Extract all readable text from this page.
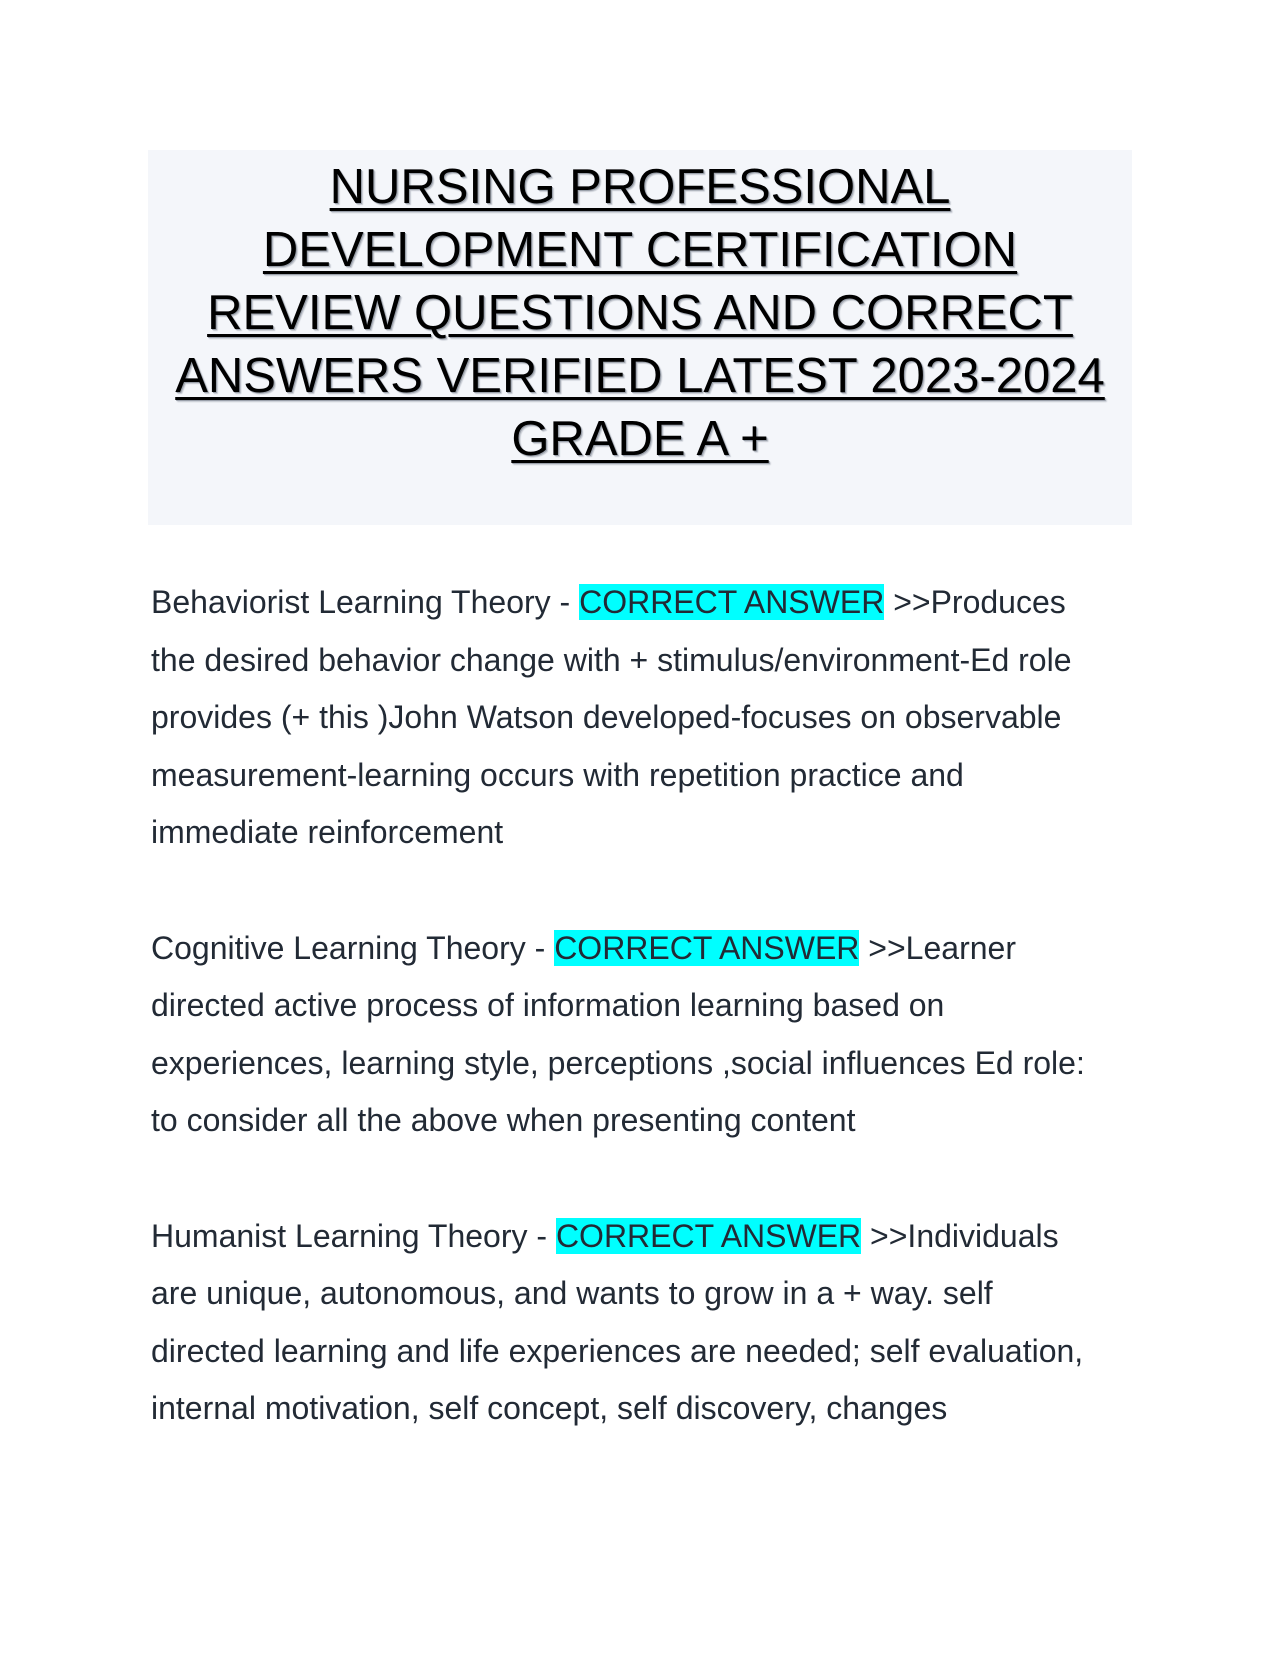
NURSING PROFESSIONAL
DEVELOPMENT CERTIFICATION
REVIEW QUESTIONS AND CORRECT
ANSWERS VERIFIED LATEST 2023-2024
GRADE A +
Behaviorist Learning Theory - CORRECT ANSWER >>Produces
the desired behavior change with + stimulus/environment-Ed role
provides (+ this )John Watson developed-focuses on observable
measurement-learning occurs with repetition practice and
immediate reinforcement
Cognitive Learning Theory - CORRECT ANSWER >>Learner
directed active process of information learning based on
experiences, learning style, perceptions ,social influences Ed role:
to consider all the above when presenting content
Humanist Learning Theory - CORRECT ANSWER >>Individuals
are unique, autonomous, and wants to grow in a + way. self
directed learning and life experiences are needed; self evaluation,
internal motivation, self concept, self discovery, changes
